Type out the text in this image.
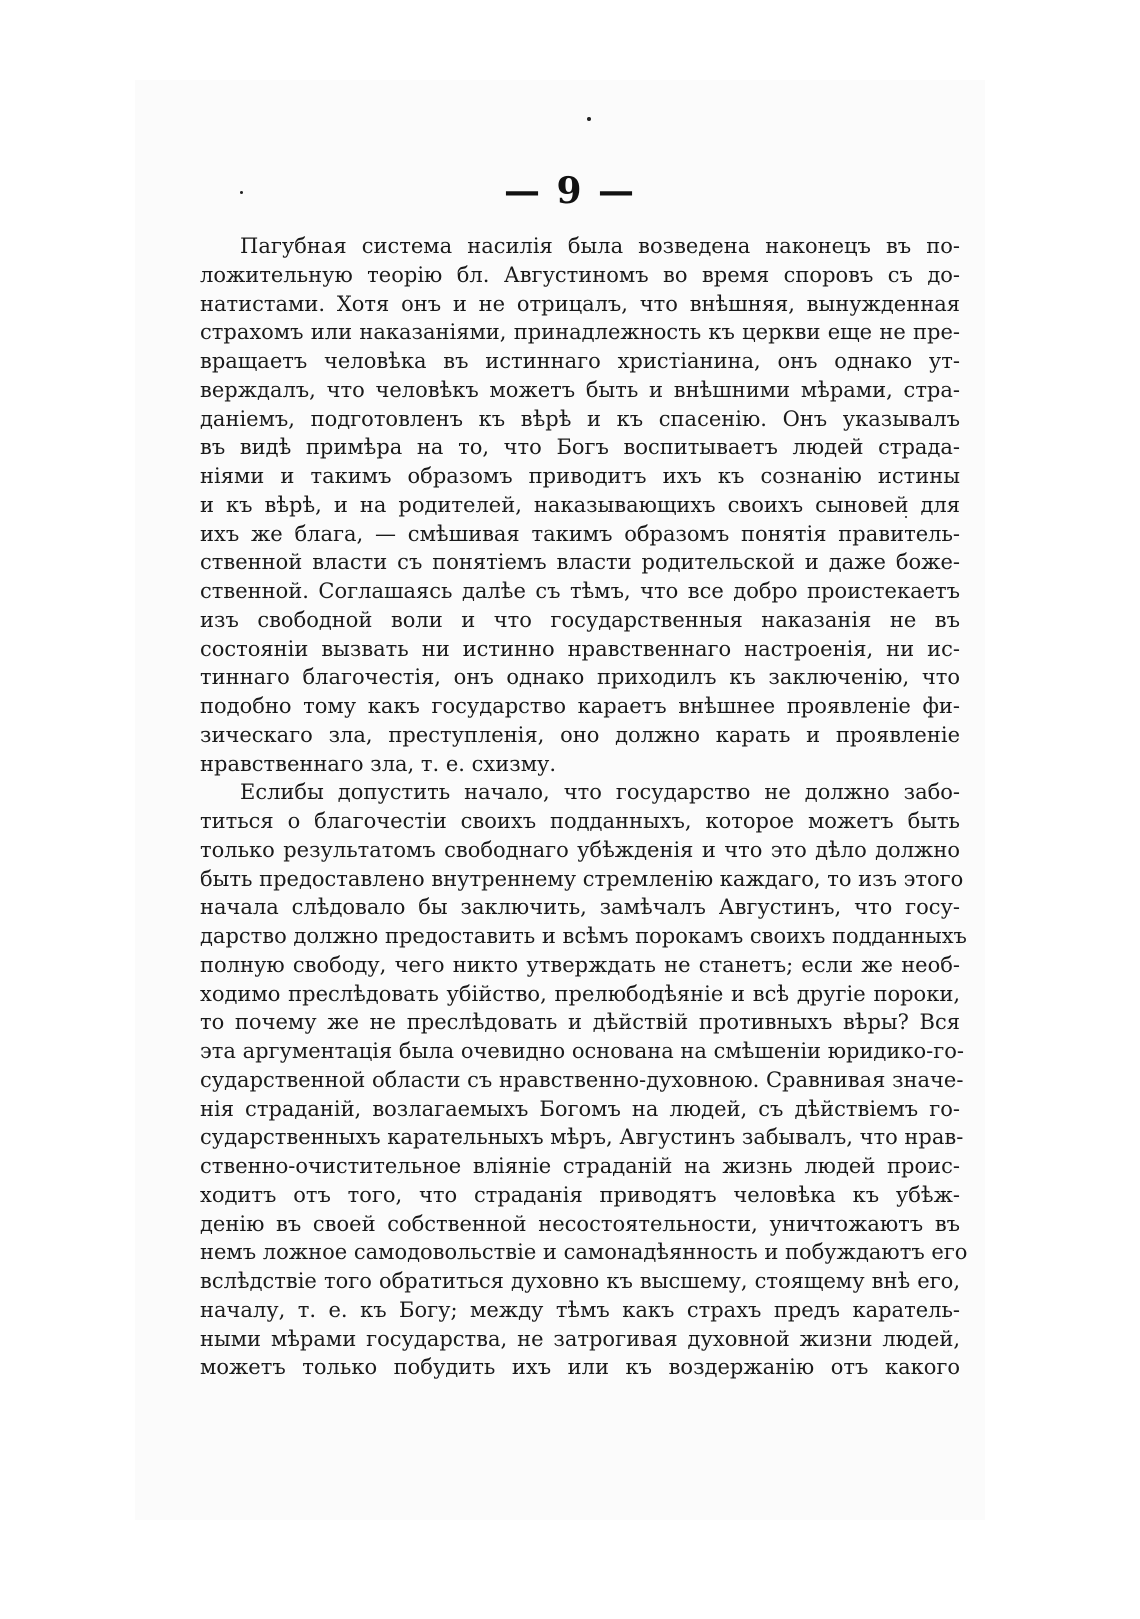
— 9 —
Пагубная система насилія была возведена наконецъ въ по-
ложительную теорію бл. Августиномъ во время споровъ съ до-
натистами. Хотя онъ и не отрицалъ, что внѣшняя, вынужденная
страхомъ или наказаніями, принадлежность къ церкви еще не пре-
вращаетъ человѣка въ истиннаго христіанина, онъ однако ут-
верждалъ, что человѣкъ можетъ быть и внѣшними мѣрами, стра-
даніемъ, подготовленъ къ вѣрѣ и къ спасенію. Онъ указывалъ
въ видѣ примѣра на то, что Богъ воспитываетъ людей страда-
ніями и такимъ образомъ приводитъ ихъ къ сознанію истины
и къ вѣрѣ, и на родителей, наказывающихъ своихъ сыновей для
ихъ же блага, — смѣшивая такимъ образомъ понятія правитель-
ственной власти съ понятіемъ власти родительской и даже боже-
ственной. Соглашаясь далѣе съ тѣмъ, что все добро проистекаетъ
изъ свободной воли и что государственныя наказанія не въ
состояніи вызвать ни истинно нравственнаго настроенія, ни ис-
тиннаго благочестія, онъ однако приходилъ къ заключенію, что
подобно тому какъ государство караетъ внѣшнее проявленіе фи-
зическаго зла, преступленія, оно должно карать и проявленіе
нравственнаго зла, т. е. схизму.
Еслибы допустить начало, что государство не должно забо-
титься о благочестіи своихъ подданныхъ, которое можетъ быть
только результатомъ свободнаго убѣжденія и что это дѣло должно
быть предоставлено внутреннему стремленію каждаго, то изъ этого
начала слѣдовало бы заключить, замѣчалъ Августинъ, что госу-
дарство должно предоставить и всѣмъ порокамъ своихъ подданныхъ
полную свободу, чего никто утверждать не станетъ; если же необ-
ходимо преслѣдовать убійство, прелюбодѣяніе и всѣ другіе пороки,
то почему же не преслѣдовать и дѣйствій противныхъ вѣры? Вся
эта аргументація была очевидно основана на смѣшеніи юридико-го-
сударственной области съ нравственно-духовною. Сравнивая значе-
нія страданій, возлагаемыхъ Богомъ на людей, съ дѣйствіемъ го-
сударственныхъ карательныхъ мѣръ, Августинъ забывалъ, что нрав-
ственно-очистительное вліяніе страданій на жизнь людей проис-
ходитъ отъ того, что страданія приводятъ человѣка къ убѣж-
денію въ своей собственной несостоятельности, уничтожаютъ въ
немъ ложное самодовольствіе и самонадѣянность и побуждаютъ его
вслѣдствіе того обратиться духовно къ высшему, стоящему внѣ его,
началу, т. е. къ Богу; между тѣмъ какъ страхъ предъ каратель-
ными мѣрами государства, не затрогивая духовной жизни людей,
можетъ только побудить ихъ или къ воздержанію отъ какого
